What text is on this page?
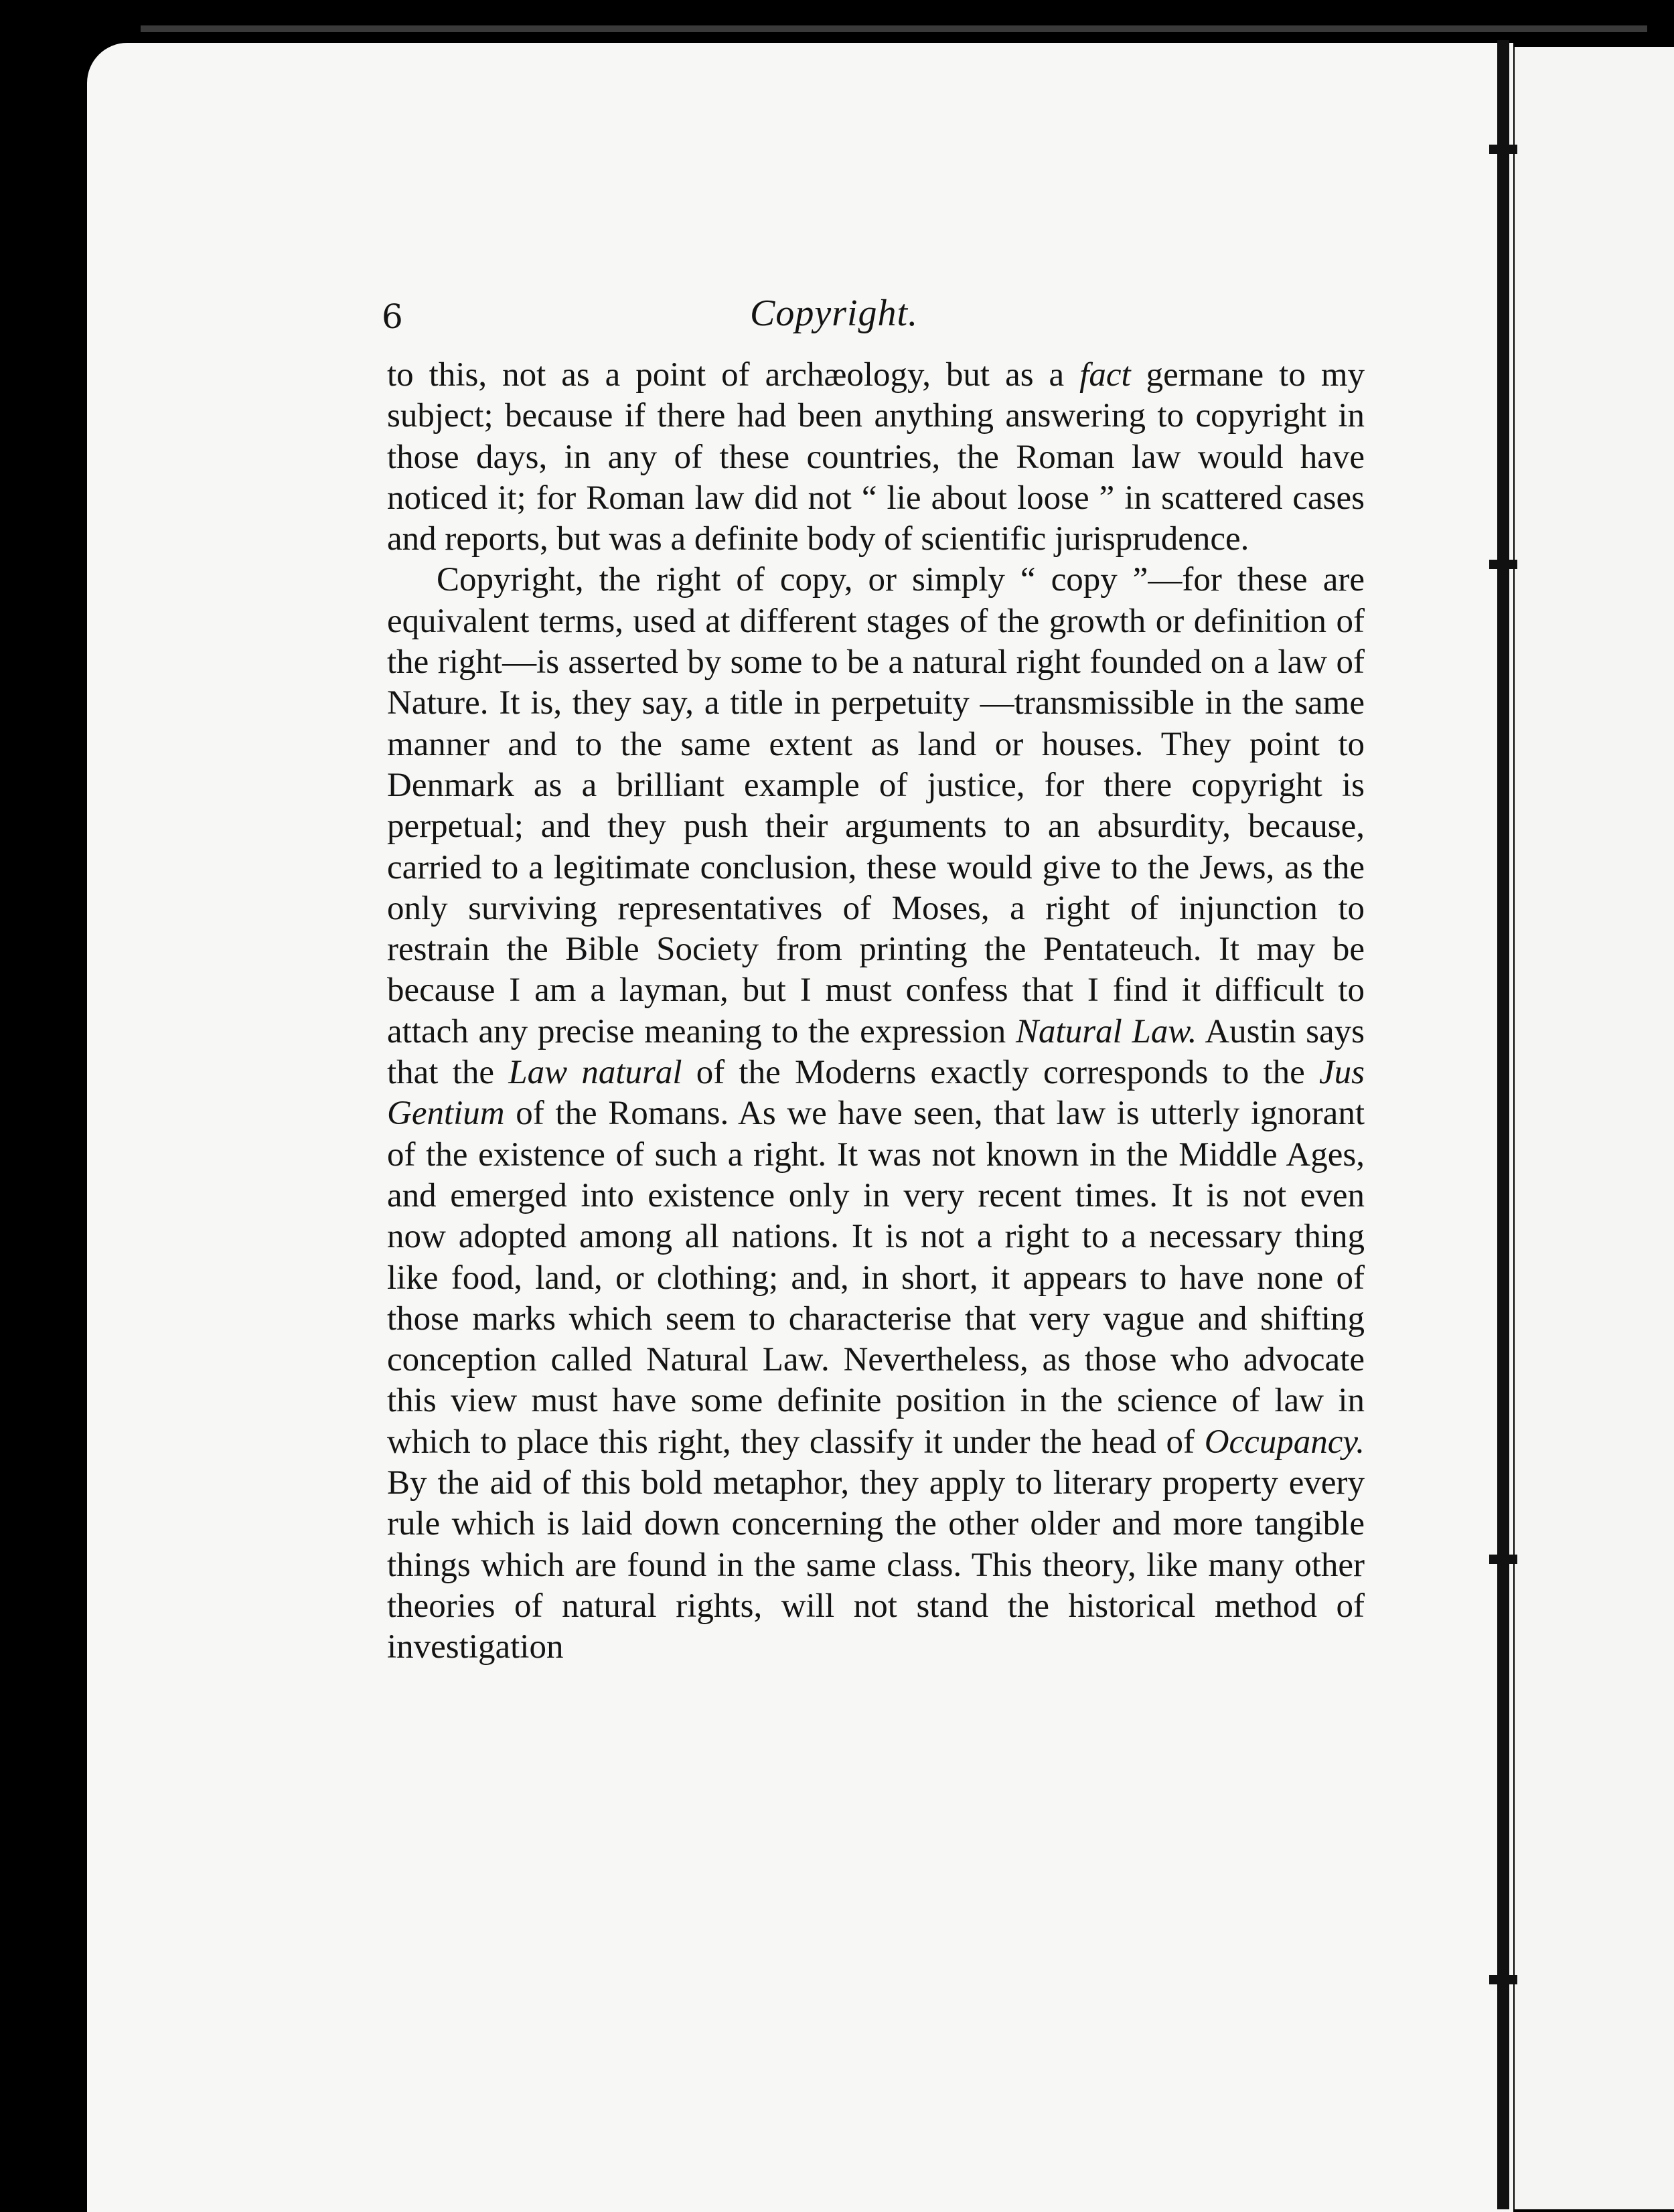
6	Copyright.

to this, not as a point of archæology, but as a fact germane to my subject; because if there had been anything answering to copyright in those days, in any of these countries, the Roman law would have noticed it; for Roman law did not “ lie about loose ” in scattered cases and reports, but was a definite body of scientific jurisprudence.

Copyright, the right of copy, or simply “ copy ”—for these are equivalent terms, used at different stages of the growth or definition of the right—is asserted by some to be a natural right founded on a law of Nature. It is, they say, a title in perpetuity —transmissible in the same manner and to the same extent as land or houses. They point to Denmark as a brilliant example of justice, for there copyright is perpetual; and they push their arguments to an absurdity, because, carried to a legitimate conclusion, these would give to the Jews, as the only surviving representatives of Moses, a right of injunction to restrain the Bible Society from printing the Pentateuch. It may be because I am a layman, but I must confess that I find it difficult to attach any precise meaning to the expression Natural Law. Austin says that the Law natural of the Moderns exactly corresponds to the Jus Gentium of the Romans. As we have seen, that law is utterly ignorant of the existence of such a right. It was not known in the Middle Ages, and emerged into existence only in very recent times. It is not even now adopted among all nations. It is not a right to a necessary thing like food, land, or clothing; and, in short, it appears to have none of those marks which seem to characterise that very vague and shifting conception called Natural Law. Nevertheless, as those who advocate this view must have some definite position in the science of law in which to place this right, they classify it under the head of Occupancy. By the aid of this bold metaphor, they apply to literary property every rule which is laid down concerning the other older and more tangible things which are found in the same class. This theory, like many other theories of natural rights, will not stand the historical method of investigation
